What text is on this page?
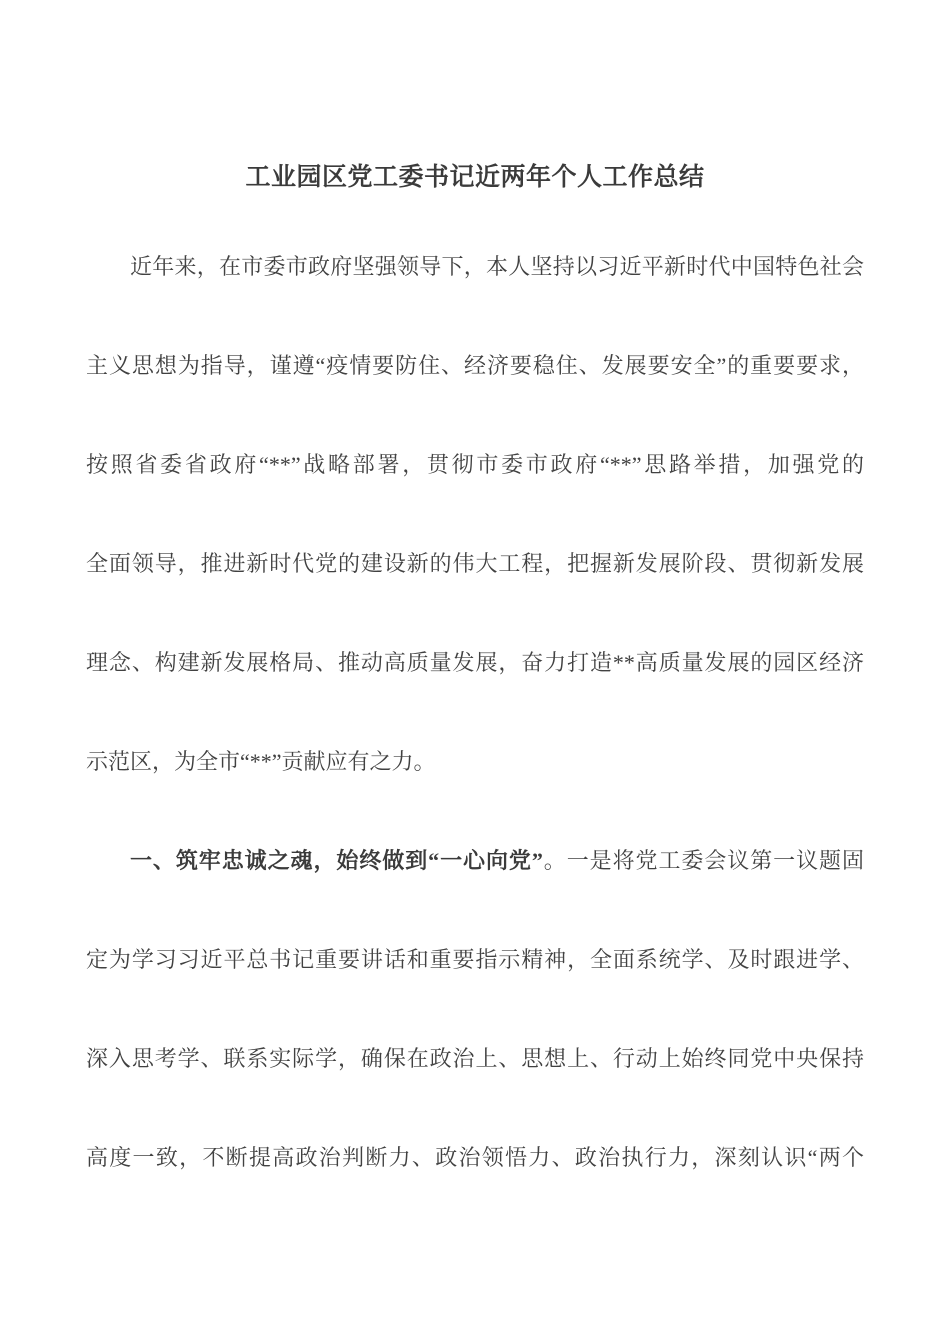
工业园区党工委书记近两年个人工作总结
近年来，在市委市政府坚强领导下，本人坚持以习近平新时代中国特色社会
主义思想为指导，谨遵“疫情要防住、经济要稳住、发展要安全”的重要要求，
按照省委省政府“**”战略部署，贯彻市委市政府“**”思路举措，加强党的
全面领导，推进新时代党的建设新的伟大工程，把握新发展阶段、贯彻新发展
理念、构建新发展格局、推动高质量发展，奋力打造**高质量发展的园区经济
示范区，为全市“**”贡献应有之力。
一、筑牢忠诚之魂，始终做到“一心向党”。一是将党工委会议第一议题固
定为学习习近平总书记重要讲话和重要指示精神，全面系统学、及时跟进学、
深入思考学、联系实际学，确保在政治上、思想上、行动上始终同党中央保持
高度一致，不断提高政治判断力、政治领悟力、政治执行力，深刻认识“两个
